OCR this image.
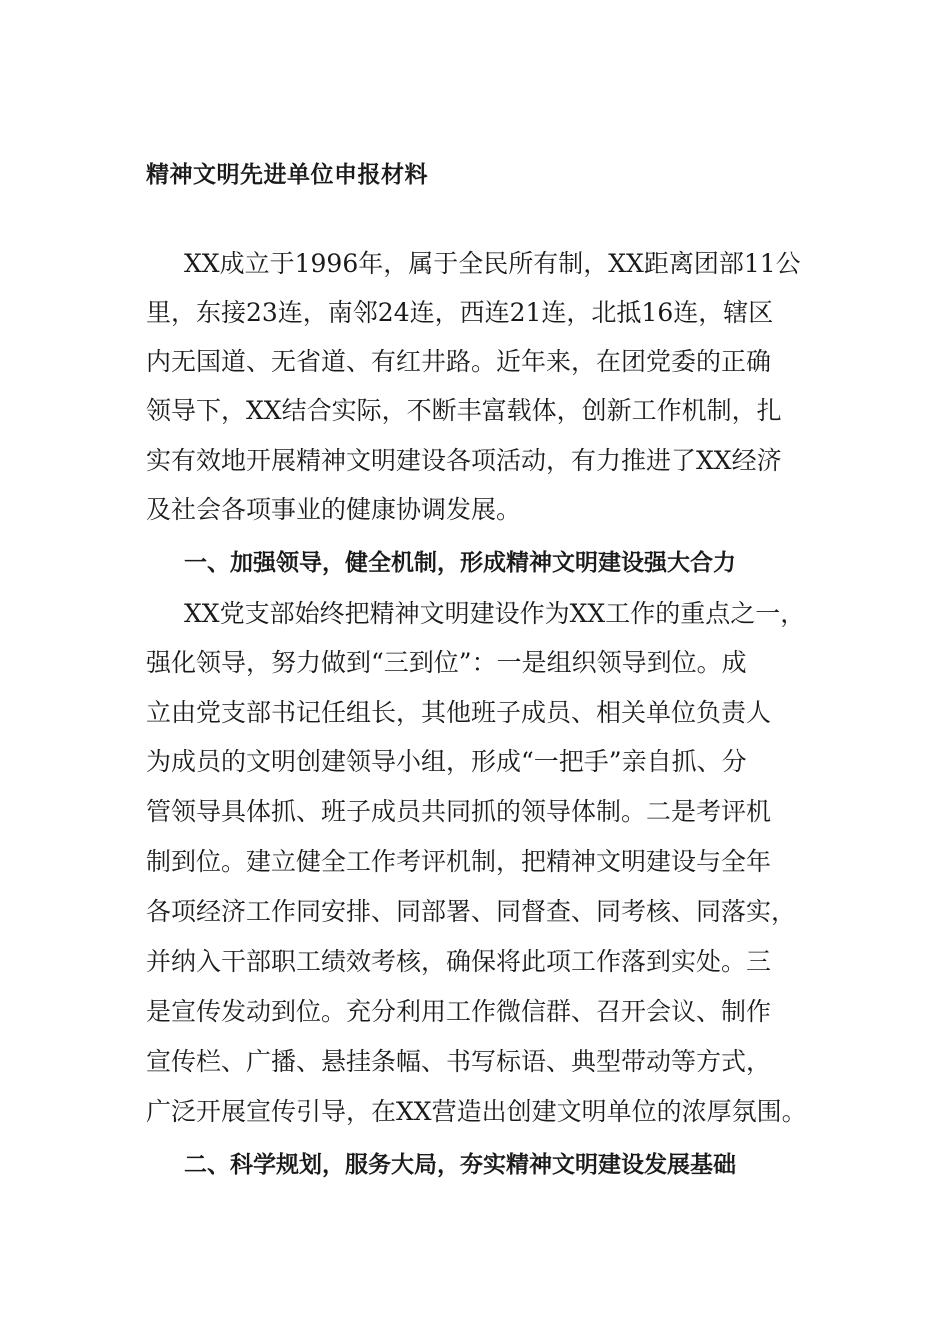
精神文明先进单位申报材料

XX成立于1996年，属于全民所有制，XX距离团部11公

里，东接23连，南邻24连，西连21连，北抵16连，辖区

内无国道、无省道、有红井路。近年来，在团党委的正确

领导下，XX结合实际，不断丰富载体，创新工作机制，扎

实有效地开展精神文明建设各项活动，有力推进了XX经济

及社会各项事业的健康协调发展。

一、加强领导，健全机制，形成精神文明建设强大合力

XX党支部始终把精神文明建设作为XX工作的重点之一，

强化领导，努力做到“三到位”：一是组织领导到位。成

立由党支部书记任组长，其他班子成员、相关单位负责人

为成员的文明创建领导小组，形成“一把手”亲自抓、分

管领导具体抓、班子成员共同抓的领导体制。二是考评机

制到位。建立健全工作考评机制，把精神文明建设与全年

各项经济工作同安排、同部署、同督查、同考核、同落实，

并纳入干部职工绩效考核，确保将此项工作落到实处。三

是宣传发动到位。充分利用工作微信群、召开会议、制作

宣传栏、广播、悬挂条幅、书写标语、典型带动等方式，

广泛开展宣传引导，在XX营造出创建文明单位的浓厚氛围。

二、科学规划，服务大局，夯实精神文明建设发展基础
